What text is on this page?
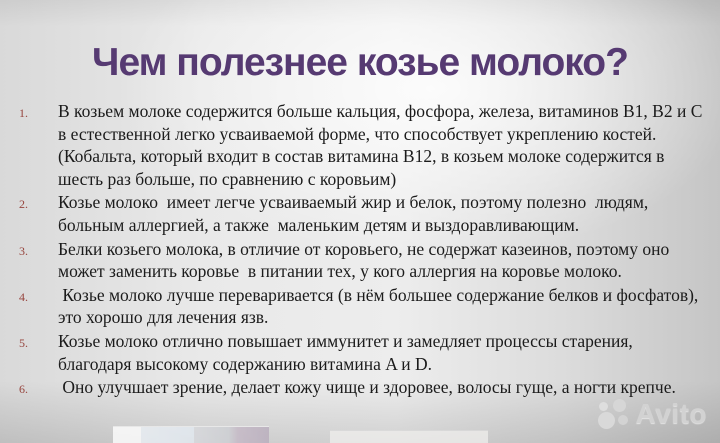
Чем полезнее козье молоко?
1.	В козьем молоке содержится больше кальция, фосфора, железа, витаминов B1, B2 и С в естественной легко усваиваемой форме, что способствует укреплению костей. (Кобальта, который входит в состав витамина B12, в козьем молоке содержится в шесть раз больше, по сравнению с коровьим)
2.	Козье молоко  имеет легче усваиваемый жир и белок, поэтому полезно  людям, больным аллергией, а также  маленьким детям и выздоравливающим.
3.	Белки козьего молока, в отличие от коровьего, не содержат казеинов, поэтому оно может заменить коровье  в питании тех, у кого аллергия на коровье молоко.
4.	Козье молоко лучше переваривается (в нём большее содержание белков и фосфатов), это хорошо для лечения язв.
5.	Козье молоко отлично повышает иммунитет и замедляет процессы старения, благодаря высокому содержанию витамина A и D.
6.	Оно улучшает зрение, делает кожу чище и здоровее, волосы гуще, а ногти крепче.
Avito
